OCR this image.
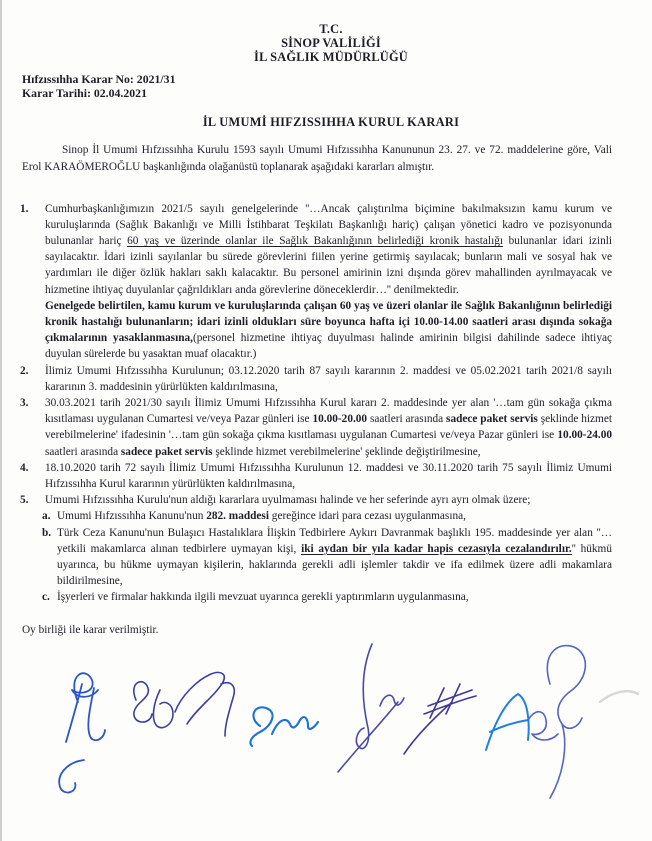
T.C.
SİNOP VALİLİĞİ
İL SAĞLIK MÜDÜRLÜĞÜ
Hıfzıssıhha Karar No: 2021/31
Karar Tarihi: 02.04.2021
İL UMUMİ HIFZISSIHHA KURUL KARARI

Sinop İl Umumi Hıfzıssıhha Kurulu 1593 sayılı Umumi Hıfzıssıhha Kanununun 23. 27. ve 72. maddelerine göre, Vali Erol KARAÖMEROĞLU başkanlığında olağanüstü toplanarak aşağıdaki kararları almıştır.

1.	Cumhurbaşkanlığımızın 2021/5 sayılı genelgelerinde ''…Ancak çalıştırılma biçimine bakılmaksızın kamu kurum ve kuruluşlarında (Sağlık Bakanlığı ve Milli İstihbarat Teşkilatı Başkanlığı hariç) çalışan yönetici kadro ve pozisyonunda bulunanlar hariç 60 yaş ve üzerinde olanlar ile Sağlık Bakanlığının belirlediği kronik hastalığı bulunanlar idari izinli sayılacaktır. İdari izinli sayılanlar bu sürede görevlerini fiilen yerine getirmiş sayılacak; bunların mali ve sosyal hak ve yardımları ile diğer özlük hakları saklı kalacaktır. Bu personel amirinin izni dışında görev mahallinden ayrılmayacak ve hizmetine ihtiyaç duyulanlar çağrıldıkları anda görevlerine döneceklerdir…'' denilmektedir.
Genelgede belirtilen, kamu kurum ve kuruluşlarında çalışan 60 yaş ve üzeri olanlar ile Sağlık Bakanlığının belirlediği kronik hastalığı bulunanların; idari izinli oldukları süre boyunca hafta içi 10.00-14.00 saatleri arası dışında sokağa çıkmalarının yasaklanmasına,(personel hizmetine ihtiyaç duyulması halinde amirinin bilgisi dahilinde sadece ihtiyaç duyulan sürelerde bu yasaktan muaf olacaktır.)
2.	İlimiz Umumi Hıfzıssıhha Kurulunun; 03.12.2020 tarih 87 sayılı kararının 2. maddesi ve 05.02.2021 tarih 2021/8 sayılı kararının 3. maddesinin yürürlükten kaldırılmasına,
3.	30.03.2021 tarih 2021/30 sayılı İlimiz Umumi Hıfzıssıhha Kurul kararı 2. maddesinde yer alan '…tam gün sokağa çıkma kısıtlaması uygulanan Cumartesi ve/veya Pazar günleri ise 10.00-20.00 saatleri arasında sadece paket servis şeklinde hizmet verebilmelerine' ifadesinin '…tam gün sokağa çıkma kısıtlaması uygulanan Cumartesi ve/veya Pazar günleri ise 10.00-24.00 saatleri arasında sadece paket servis şeklinde hizmet verebilmelerine' şeklinde değiştirilmesine,
4.	18.10.2020 tarih 72 sayılı İlimiz Umumi Hıfzıssıhha Kurulunun 12. maddesi ve 30.11.2020 tarih 75 sayılı İlimiz Umumi Hıfzıssıhha Kurul kararının yürürlükten kaldırılmasına,
5.	Umumi Hıfzıssıhha Kurulu'nun aldığı kararlara uyulmaması halinde ve her seferinde ayrı ayrı olmak üzere;
a. Umumi Hıfzıssıhha Kanunu'nun 282. maddesi gereğince idari para cezası uygulanmasına,
b. Türk Ceza Kanunu'nun Bulaşıcı Hastalıklara İlişkin Tedbirlere Aykırı Davranmak başlıklı 195. maddesinde yer alan ''…yetkili makamlarca alınan tedbirlere uymayan kişi, iki aydan bir yıla kadar hapis cezasıyla cezalandırılır.'' hükmü uyarınca, bu hükme uymayan kişilerin, haklarında gerekli adli işlemler takdir ve ifa edilmek üzere adli makamlara bildirilmesine,
c. İşyerleri ve firmalar hakkında ilgili mevzuat uyarınca gerekli yaptırımların uygulanmasına,

Oy birliği ile karar verilmiştir.
